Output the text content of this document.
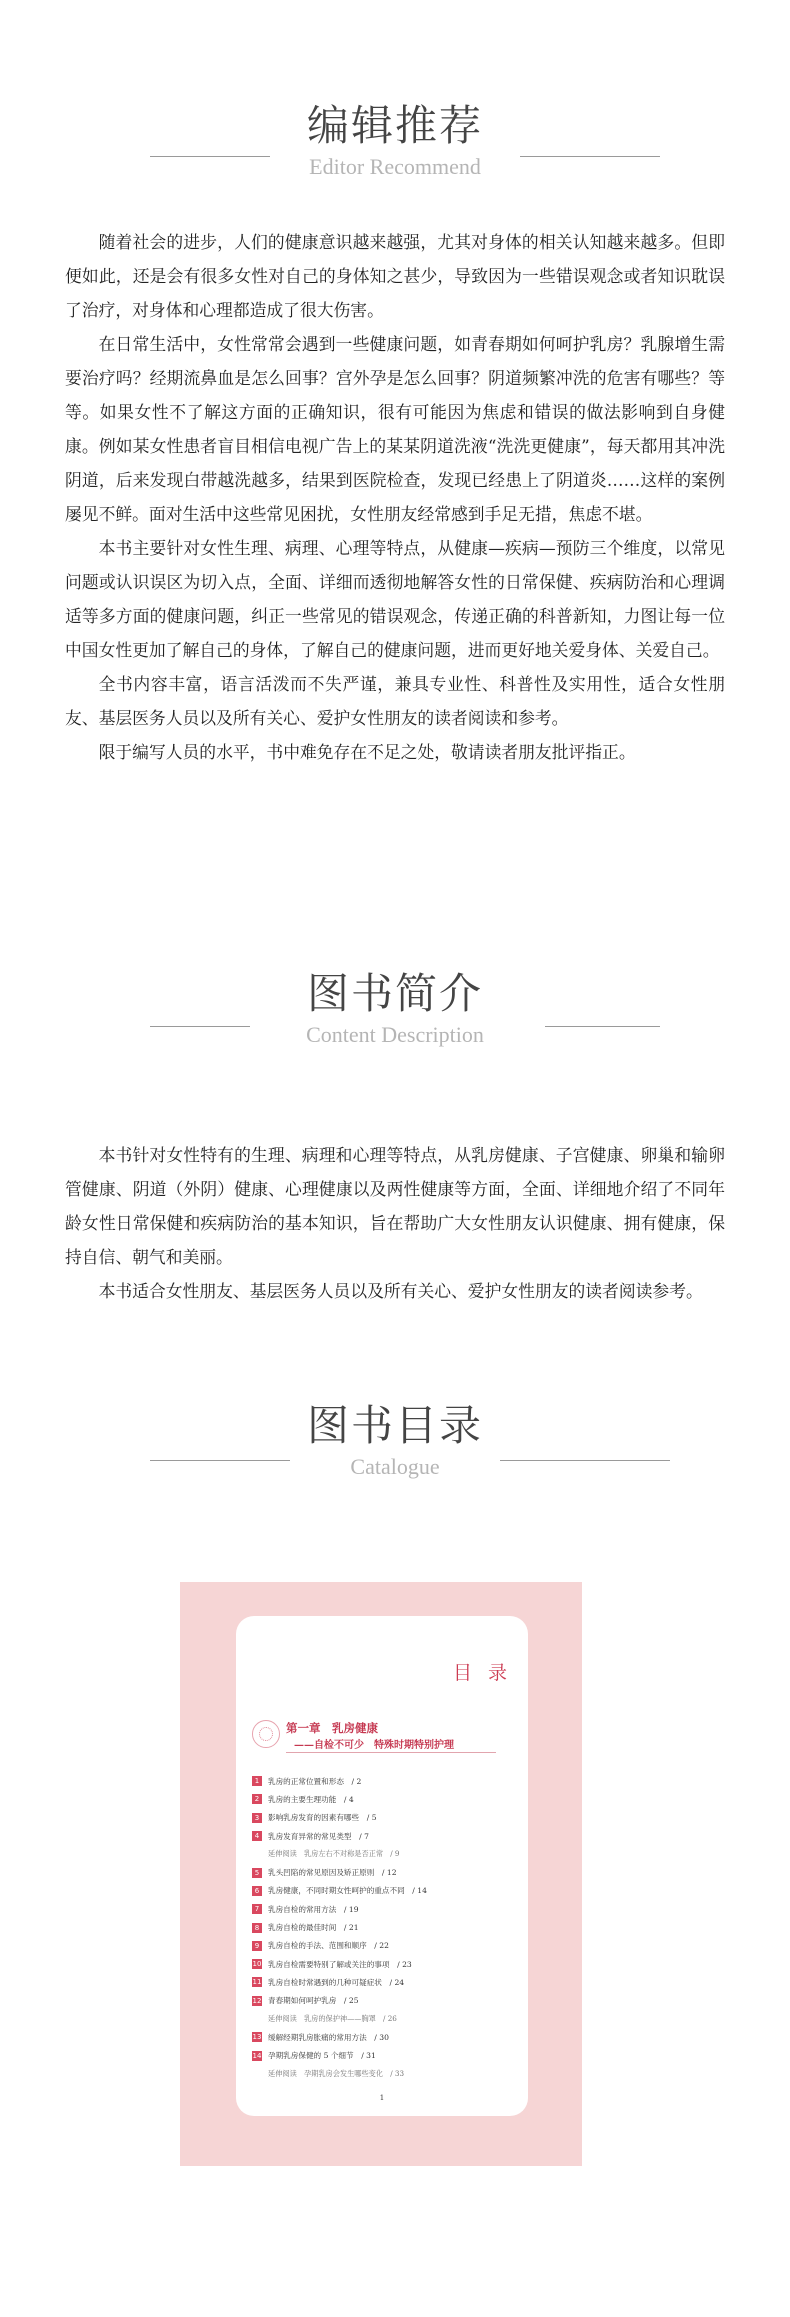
编辑推荐
Editor Recommend

随着社会的进步，人们的健康意识越来越强，尤其对身体的相关认知越来越多。但即便如此，还是会有很多女性对自己的身体知之甚少，导致因为一些错误观念或者知识耽误了治疗，对身体和心理都造成了很大伤害。

在日常生活中，女性常常会遇到一些健康问题，如青春期如何呵护乳房？乳腺增生需要治疗吗？经期流鼻血是怎么回事？宫外孕是怎么回事？阴道频繁冲洗的危害有哪些？等等。如果女性不了解这方面的正确知识，很有可能因为焦虑和错误的做法影响到自身健康。例如某女性患者盲目相信电视广告上的某某阴道洗液“洗洗更健康”，每天都用其冲洗阴道，后来发现白带越洗越多，结果到医院检查，发现已经患上了阴道炎……这样的案例屡见不鲜。面对生活中这些常见困扰，女性朋友经常感到手足无措，焦虑不堪。

本书主要针对女性生理、病理、心理等特点，从健康—疾病—预防三个维度，以常见问题或认识误区为切入点，全面、详细而透彻地解答女性的日常保健、疾病防治和心理调适等多方面的健康问题，纠正一些常见的错误观念，传递正确的科普新知，力图让每一位中国女性更加了解自己的身体，了解自己的健康问题，进而更好地关爱身体、关爱自己。

全书内容丰富，语言活泼而不失严谨，兼具专业性、科普性及实用性，适合女性朋友、基层医务人员以及所有关心、爱护女性朋友的读者阅读和参考。

限于编写人员的水平，书中难免存在不足之处，敬请读者朋友批评指正。

图书简介
Content Description

本书针对女性特有的生理、病理和心理等特点，从乳房健康、子宫健康、卵巢和输卵管健康、阴道（外阴）健康、心理健康以及两性健康等方面，全面、详细地介绍了不同年龄女性日常保健和疾病防治的基本知识，旨在帮助广大女性朋友认识健康、拥有健康，保持自信、朝气和美丽。

本书适合女性朋友、基层医务人员以及所有关心、爱护女性朋友的读者阅读参考。

图书目录
Catalogue
目 录
第一章　乳房健康
——自检不可少　特殊时期特别护理
1	乳房的正常位置和形态　/ 2
2	乳房的主要生理功能　/ 4
3	影响乳房发育的因素有哪些　/ 5
4	乳房发育异常的常见类型　/ 7
延伸阅读　乳房左右不对称是否正常　/ 9
5	乳头凹陷的常见原因及矫正原则　/ 12
6	乳房健康，不同时期女性呵护的重点不同　/ 14
7	乳房自检的常用方法　/ 19
8	乳房自检的最佳时间　/ 21
9	乳房自检的手法、范围和顺序　/ 22
10 乳房自检需要特别了解或关注的事项　/ 23
11 乳房自检时常遇到的几种可疑症状　/ 24
12 青春期如何呵护乳房　/ 25
延伸阅读　乳房的保护神——胸罩　/ 26
13 缓解经期乳房胀痛的常用方法　/ 30
14 孕期乳房保健的 5 个细节　/ 31
延伸阅读　孕期乳房会发生哪些变化　/ 33
1
